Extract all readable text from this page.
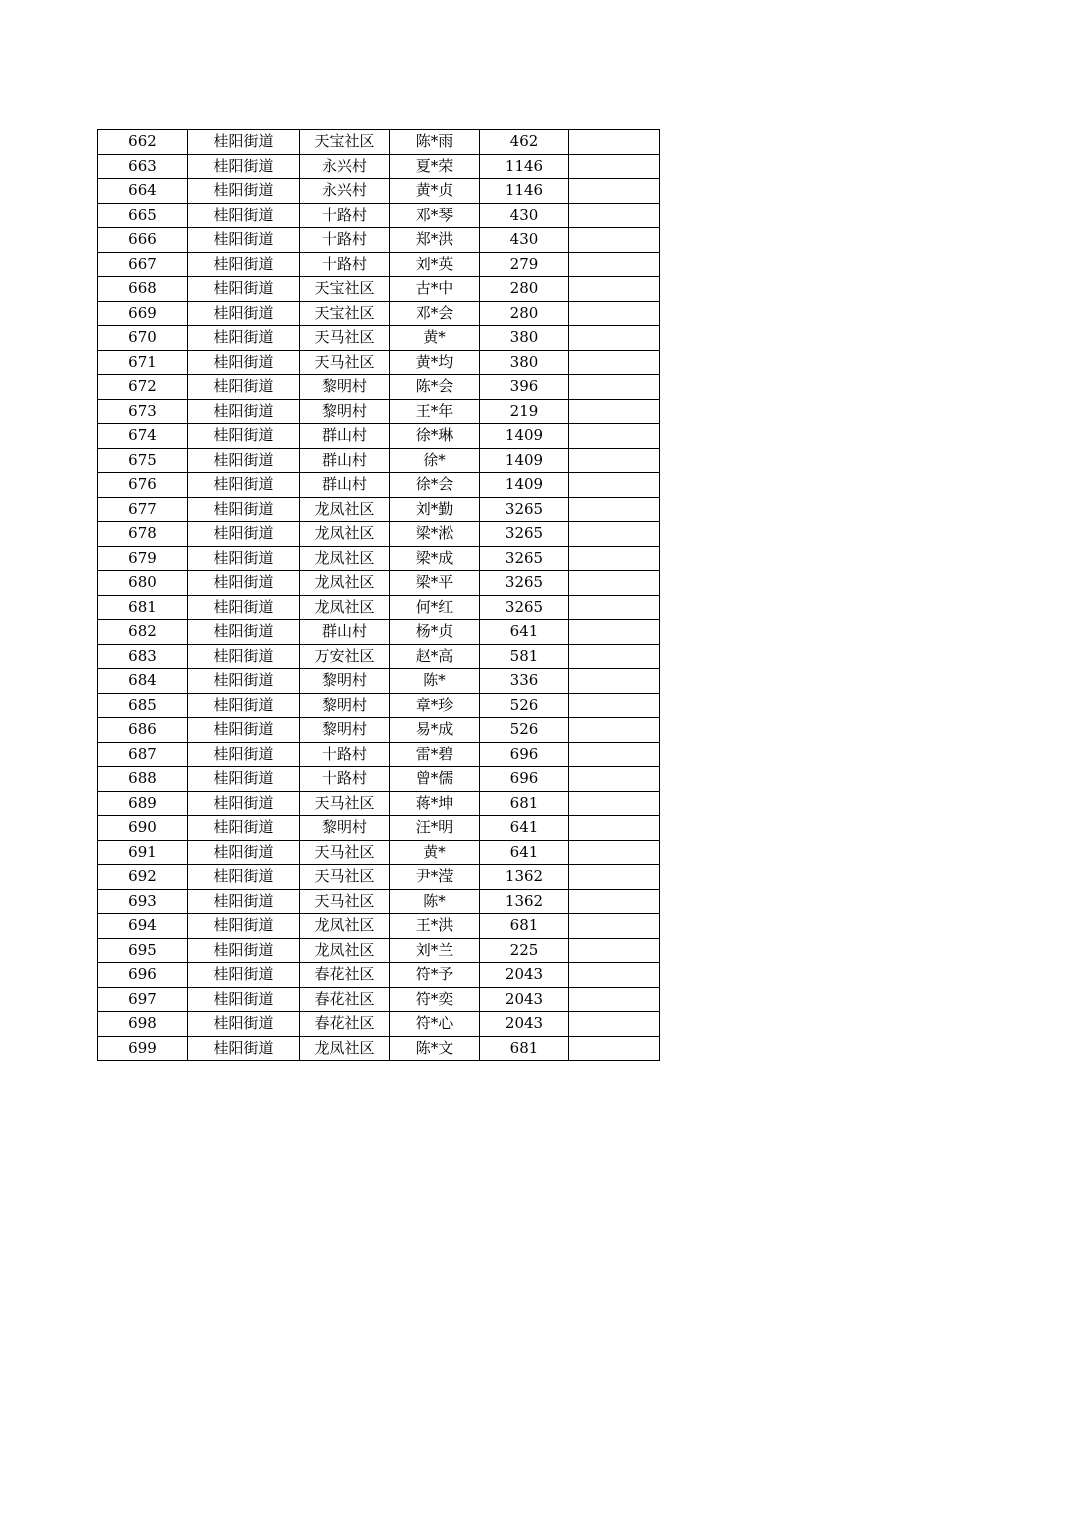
662	桂阳街道	天宝社区	陈*雨	462	
663	桂阳街道	永兴村	夏*荣	1146	
664	桂阳街道	永兴村	黄*贞	1146	
665	桂阳街道	十路村	邓*琴	430	
666	桂阳街道	十路村	郑*洪	430	
667	桂阳街道	十路村	刘*英	279	
668	桂阳街道	天宝社区	古*中	280	
669	桂阳街道	天宝社区	邓*会	280	
670	桂阳街道	天马社区	黄*	380	
671	桂阳街道	天马社区	黄*均	380	
672	桂阳街道	黎明村	陈*会	396	
673	桂阳街道	黎明村	王*年	219	
674	桂阳街道	群山村	徐*琳	1409	
675	桂阳街道	群山村	徐*	1409	
676	桂阳街道	群山村	徐*会	1409	
677	桂阳街道	龙凤社区	刘*勤	3265	
678	桂阳街道	龙凤社区	梁*淞	3265	
679	桂阳街道	龙凤社区	梁*成	3265	
680	桂阳街道	龙凤社区	梁*平	3265	
681	桂阳街道	龙凤社区	何*红	3265	
682	桂阳街道	群山村	杨*贞	641	
683	桂阳街道	万安社区	赵*高	581	
684	桂阳街道	黎明村	陈*	336	
685	桂阳街道	黎明村	章*珍	526	
686	桂阳街道	黎明村	易*成	526	
687	桂阳街道	十路村	雷*碧	696	
688	桂阳街道	十路村	曾*儒	696	
689	桂阳街道	天马社区	蒋*坤	681	
690	桂阳街道	黎明村	汪*明	641	
691	桂阳街道	天马社区	黄*	641	
692	桂阳街道	天马社区	尹*滢	1362	
693	桂阳街道	天马社区	陈*	1362	
694	桂阳街道	龙凤社区	王*洪	681	
695	桂阳街道	龙凤社区	刘*兰	225	
696	桂阳街道	春花社区	符*予	2043	
697	桂阳街道	春花社区	符*奕	2043	
698	桂阳街道	春花社区	符*心	2043	
699	桂阳街道	龙凤社区	陈*文	681	
